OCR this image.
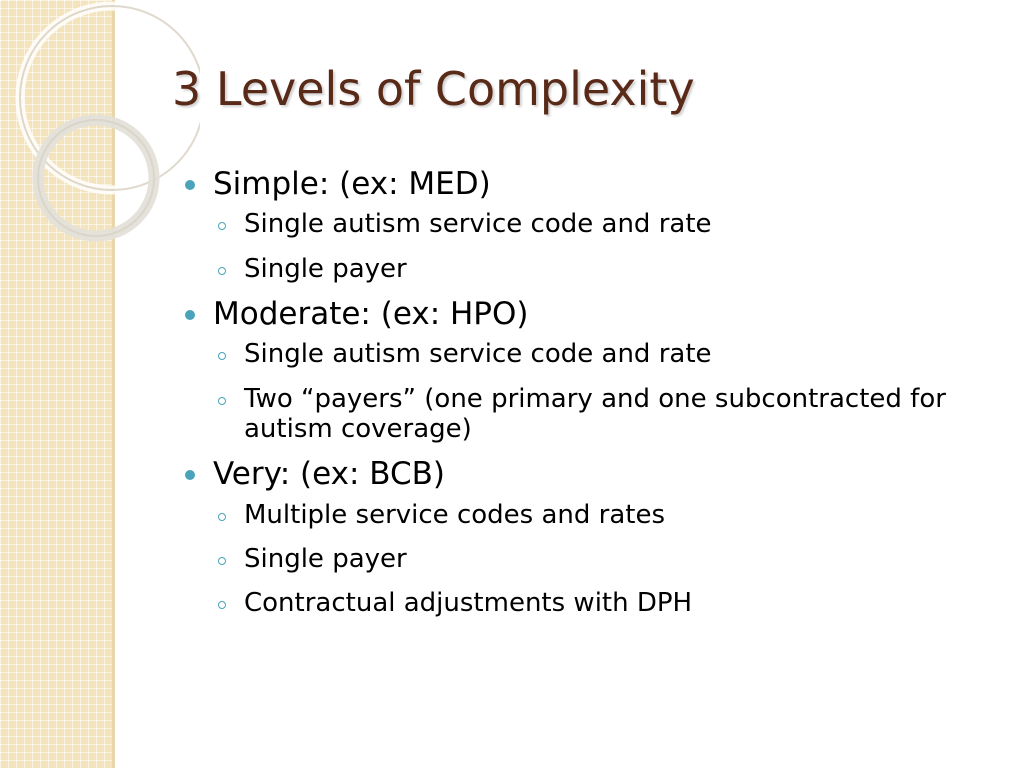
3 Levels of Complexity
Simple: (ex: MED)
Single autism service code and rate
Single payer
Moderate: (ex: HPO)
Single autism service code and rate
Two “payers” (one primary and one subcontracted for autism coverage)
Very: (ex: BCB)
Multiple service codes and rates
Single payer
Contractual adjustments with DPH
